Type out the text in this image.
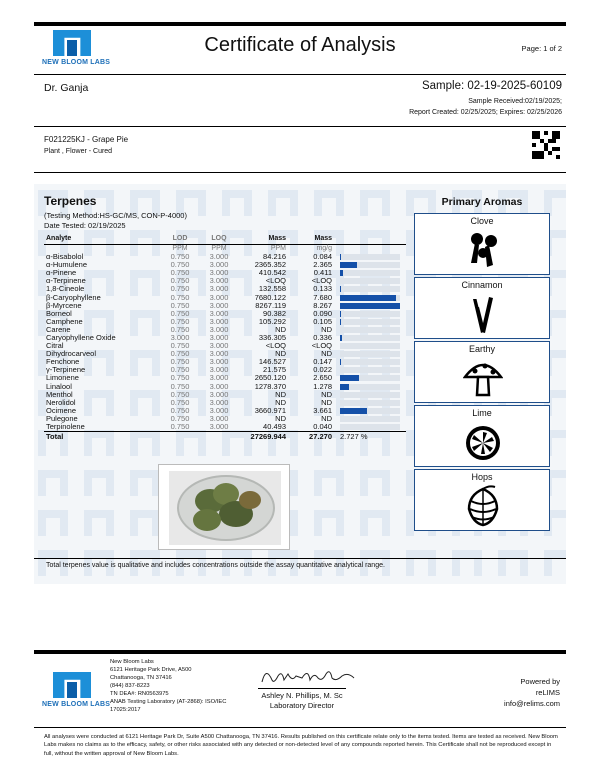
NEW BLOOM LABS
Certificate of Analysis	Page: 1 of 2
Dr. Ganja	Sample: 02-19-2025-60109
Sample Received:02/19/2025;
Report Created: 02/25/2025; Expires: 02/25/2026
F021225KJ - Grape Pie
Plant , Flower - Cured
Terpenes
(Testing Method:HS-GC/MS, CON-P-4000)
Date Tested: 02/19/2025
Analyte	LOD	LOQ	Mass	Mass	
	PPM	PPM	PPM	mg/g	
α-Bisabolol	0.750	3.000	84.216	0.084	

α-Humulene	0.750	3.000	2365.352	2.365	

α-Pinene	0.750	3.000	410.542	0.411	

α-Terpinene	0.750	3.000	<LOQ	<LOQ	

1,8-Cineole	0.750	3.000	132.558	0.133	

β-Caryophyllene	0.750	3.000	7680.122	7.680	

β-Myrcene	0.750	3.000	8267.119	8.267	

Borneol	0.750	3.000	90.382	0.090	

Camphene	0.750	3.000	105.292	0.105	

Carene	0.750	3.000	ND	ND	

Caryophyllene Oxide	3.000	3.000	336.305	0.336	

Citral	0.750	3.000	<LOQ	<LOQ	

Dihydrocarveol	0.750	3.000	ND	ND	

Fenchone	0.750	3.000	146.527	0.147	

γ-Terpinene	0.750	3.000	21.575	0.022	

Limonene	0.750	3.000	2650.120	2.650	

Linalool	0.750	3.000	1278.370	1.278	

Menthol	0.750	3.000	ND	ND	

Nerolidol	0.750	3.000	ND	ND	

Ocimene	0.750	3.000	3660.971	3.661	

Pulegone	0.750	3.000	ND	ND	

Terpinolene	0.750	3.000	40.493	0.040	

Total			27269.944	27.270	2.727 %
Primary Aromas
Clove
Cinnamon
Earthy
Lime
Hops
Total terpenes value is qualitative and includes concentrations outside the assay quantitative analytical range.
NEW BLOOM LABS
New Bloom Labs
6121 Heritage Park Drive, A500
Chattanooga, TN 37416
(844) 837-8223
TN DEA#: RN0563975
ANAB Testing Laboratory (AT-2868): ISO/IEC
17025:2017
Ashley N. Phillips, M. Sc
Laboratory Director
Powered by
reLIMS
info@relims.com
All analyses were conducted at 6121 Heritage Park Dr, Suite A500 Chattanooga, TN 37416. Results published on this certificate relate only to the items tested. Items are tested as received. New Bloom Labs makes no claims as to the efficacy, safety, or other risks associated with any detected or non-detected level of any compounds reported herein. This Certificate shall not be reproduced except in full, without the written approval of New Bloom Labs.
